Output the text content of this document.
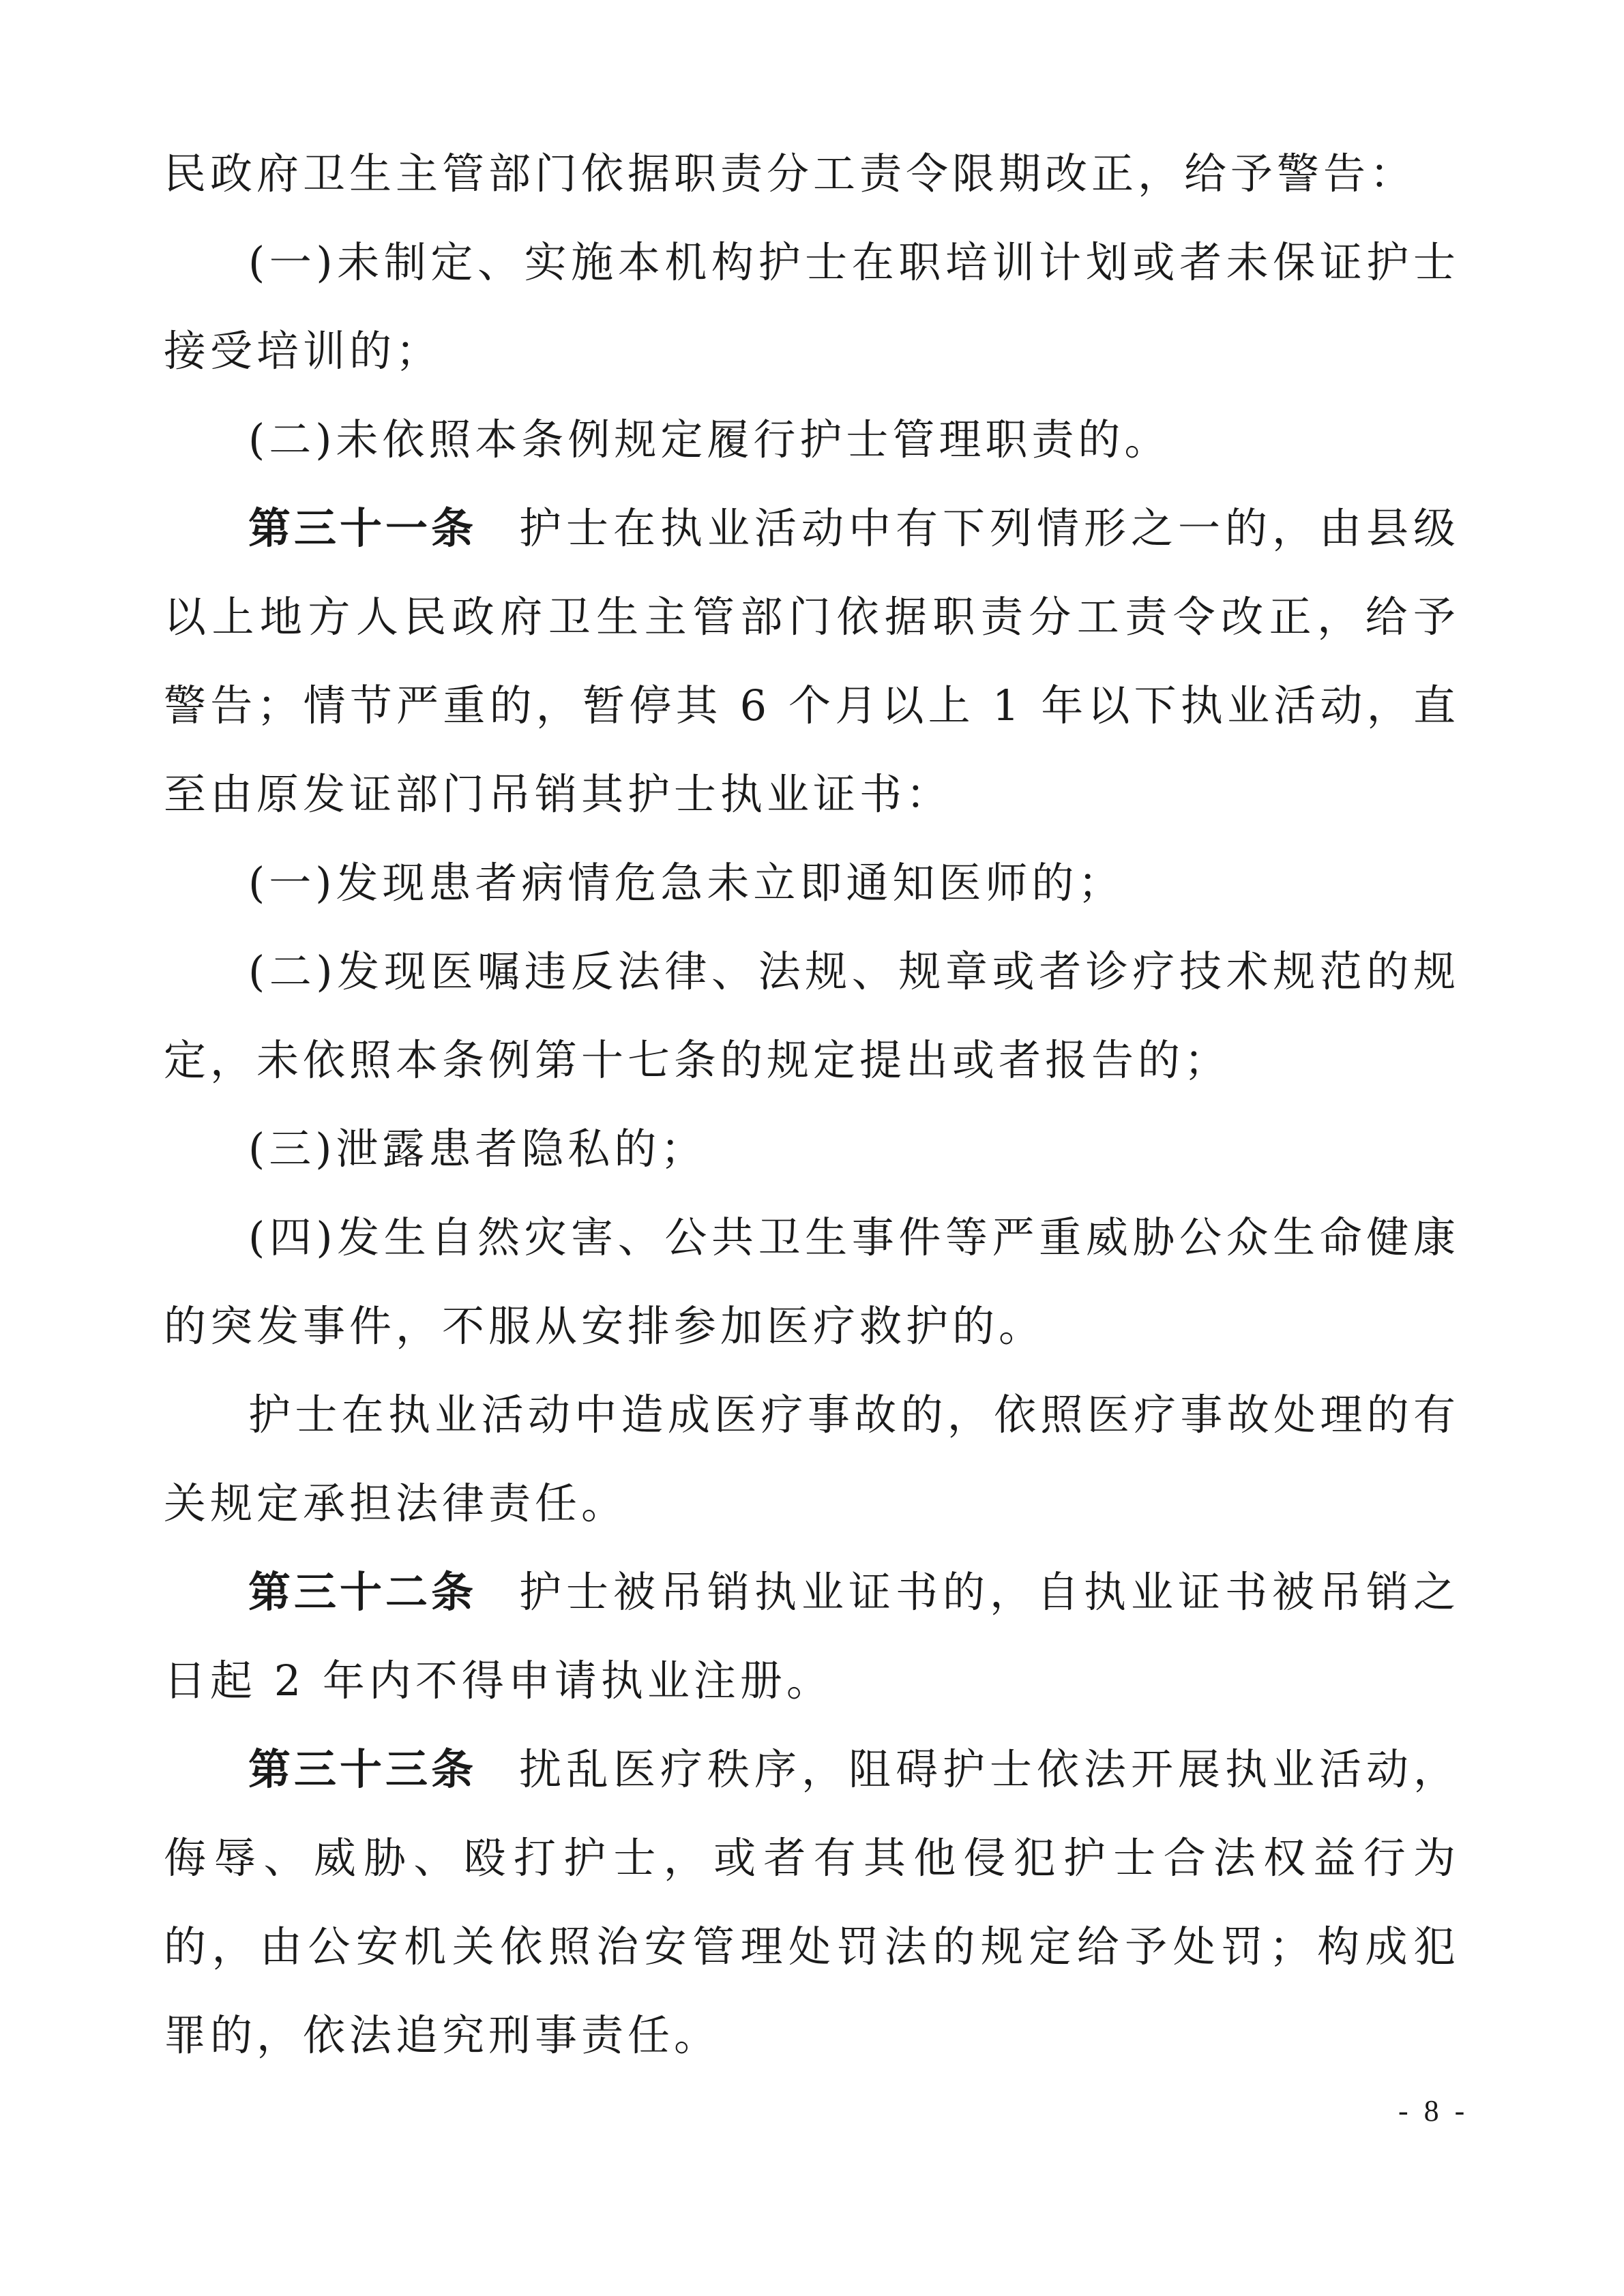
民政府卫生主管部门依据职责分工责令限期改正，给予警告：

(一)未制定、实施本机构护士在职培训计划或者未保证护士接受培训的；

(二)未依照本条例规定履行护士管理职责的。

第三十一条 护士在执业活动中有下列情形之一的，由县级以上地方人民政府卫生主管部门依据职责分工责令改正，给予警告；情节严重的，暂停其 6 个月以上 1 年以下执业活动，直至由原发证部门吊销其护士执业证书：

(一)发现患者病情危急未立即通知医师的；

(二)发现医嘱违反法律、法规、规章或者诊疗技术规范的规定，未依照本条例第十七条的规定提出或者报告的；

(三)泄露患者隐私的；

(四)发生自然灾害、公共卫生事件等严重威胁公众生命健康的突发事件，不服从安排参加医疗救护的。

护士在执业活动中造成医疗事故的，依照医疗事故处理的有关规定承担法律责任。

第三十二条 护士被吊销执业证书的，自执业证书被吊销之日起 2 年内不得申请执业注册。

第三十三条 扰乱医疗秩序，阻碍护士依法开展执业活动，侮辱、威胁、殴打护士，或者有其他侵犯护士合法权益行为的，由公安机关依照治安管理处罚法的规定给予处罚；构成犯罪的，依法追究刑事责任。

- 8 -
